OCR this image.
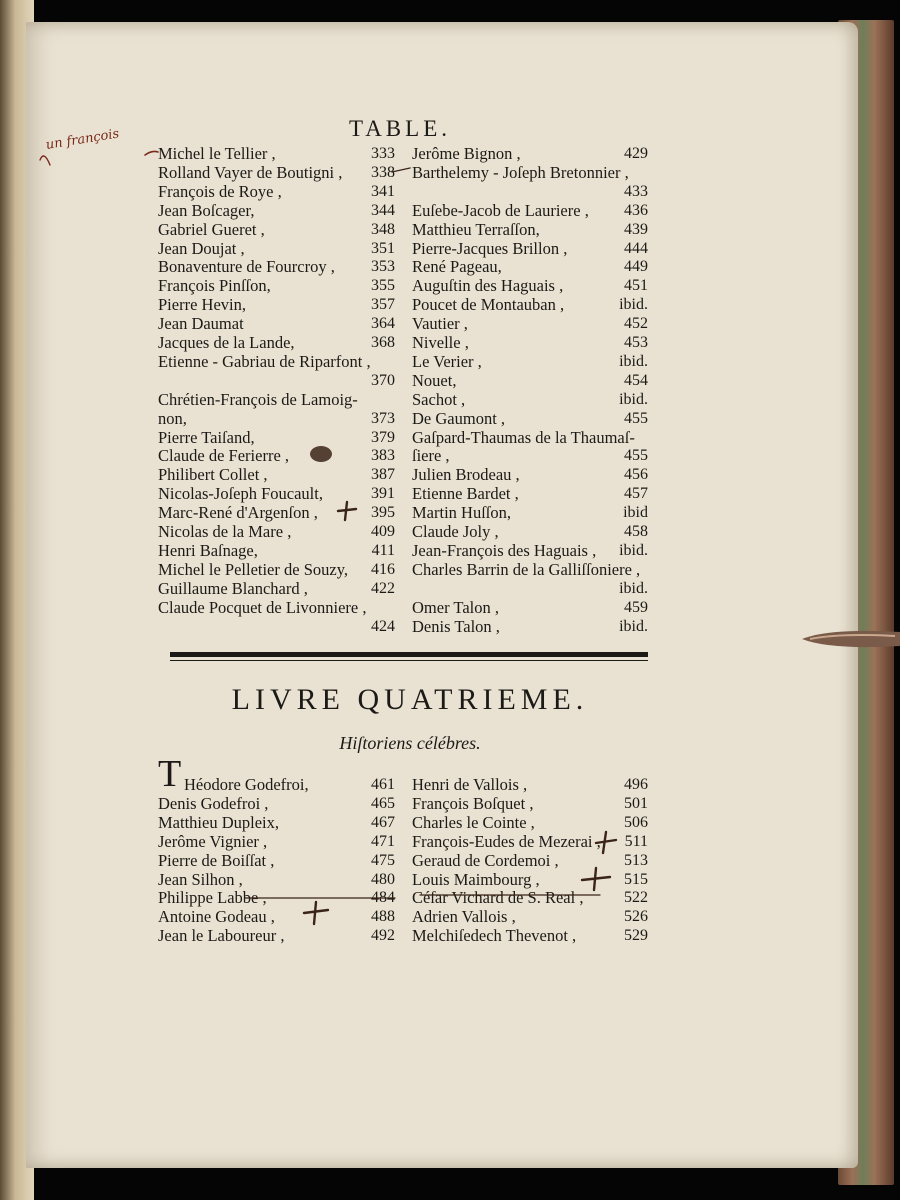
TABLE.
Michel le Tellier ,	333
Rolland Vayer de Boutigni , 338
François de Roye ,	341
Jean Boſcager,	344
Gabriel Gueret ,	348
Jean Doujat ,	351
Bonaventure de Fourcroy , 353
François Pinſſon,	355
Pierre Hevin,	357
Jean Daumat	364
Jacques de la Lande,	368
Etienne - Gabriau de Riparfont ,
370
Chrétien-François de Lamoig-
non,	373
Pierre Taiſand,	379
Claude de Ferierre ,	383
Philibert Collet ,	387
Nicolas-Joſeph Foucault,	391
Marc-René d'Argenſon ,	395
Nicolas de la Mare ,	409
Henri Baſnage,	411
Michel le Pelletier de Souzy, 416
Guillaume Blanchard ,	422
Claude Pocquet de Livonniere ,
424
Jerôme Bignon ,	429
Barthelemy - Joſeph Bretonnier ,
433
Euſebe-Jacob de Lauriere , 436
Matthieu Terraſſon,	439
Pierre-Jacques Brillon ,	444
René Pageau,	449
Auguſtin des Haguais ,	451
Poucet de Montauban ,	ibid.
Vautier ,	452
Nivelle ,	453
Le Verier ,	ibid.
Nouet,	454
Sachot ,	ibid.
De Gaumont ,	455
Gaſpard-Thaumas de la Thaumaſ-
ſiere ,	455
Julien Brodeau ,	456
Etienne Bardet ,	457
Martin Huſſon,	ibid
Claude Joly ,	458
Jean-François des Haguais , ibid.
Charles Barrin de la Galliſſoniere ,
ibid.
Omer Talon ,	459
Denis Talon ,	ibid.
LIVRE QUATRIEME.
Hiſtoriens célébres.
T Héodore Godefroi,	461
Denis Godefroi ,	465
Matthieu Dupleix,	467
Jerôme Vignier ,	471
Pierre de Boiſſat ,	475
Jean Silhon ,	480
Philippe Labbe ,	484
Antoine Godeau ,	488
Jean le Laboureur ,	492
Henri de Vallois ,	496
François Boſquet ,	501
Charles le Cointe ,	506
François-Eudes de Mezerai , 511
Geraud de Cordemoi ,	513
Louis Maimbourg ,	515
Céſar Vichard de S. Real ,	522
Adrien Vallois ,	526
Melchiſedech Thevenot ,	529
un françois
